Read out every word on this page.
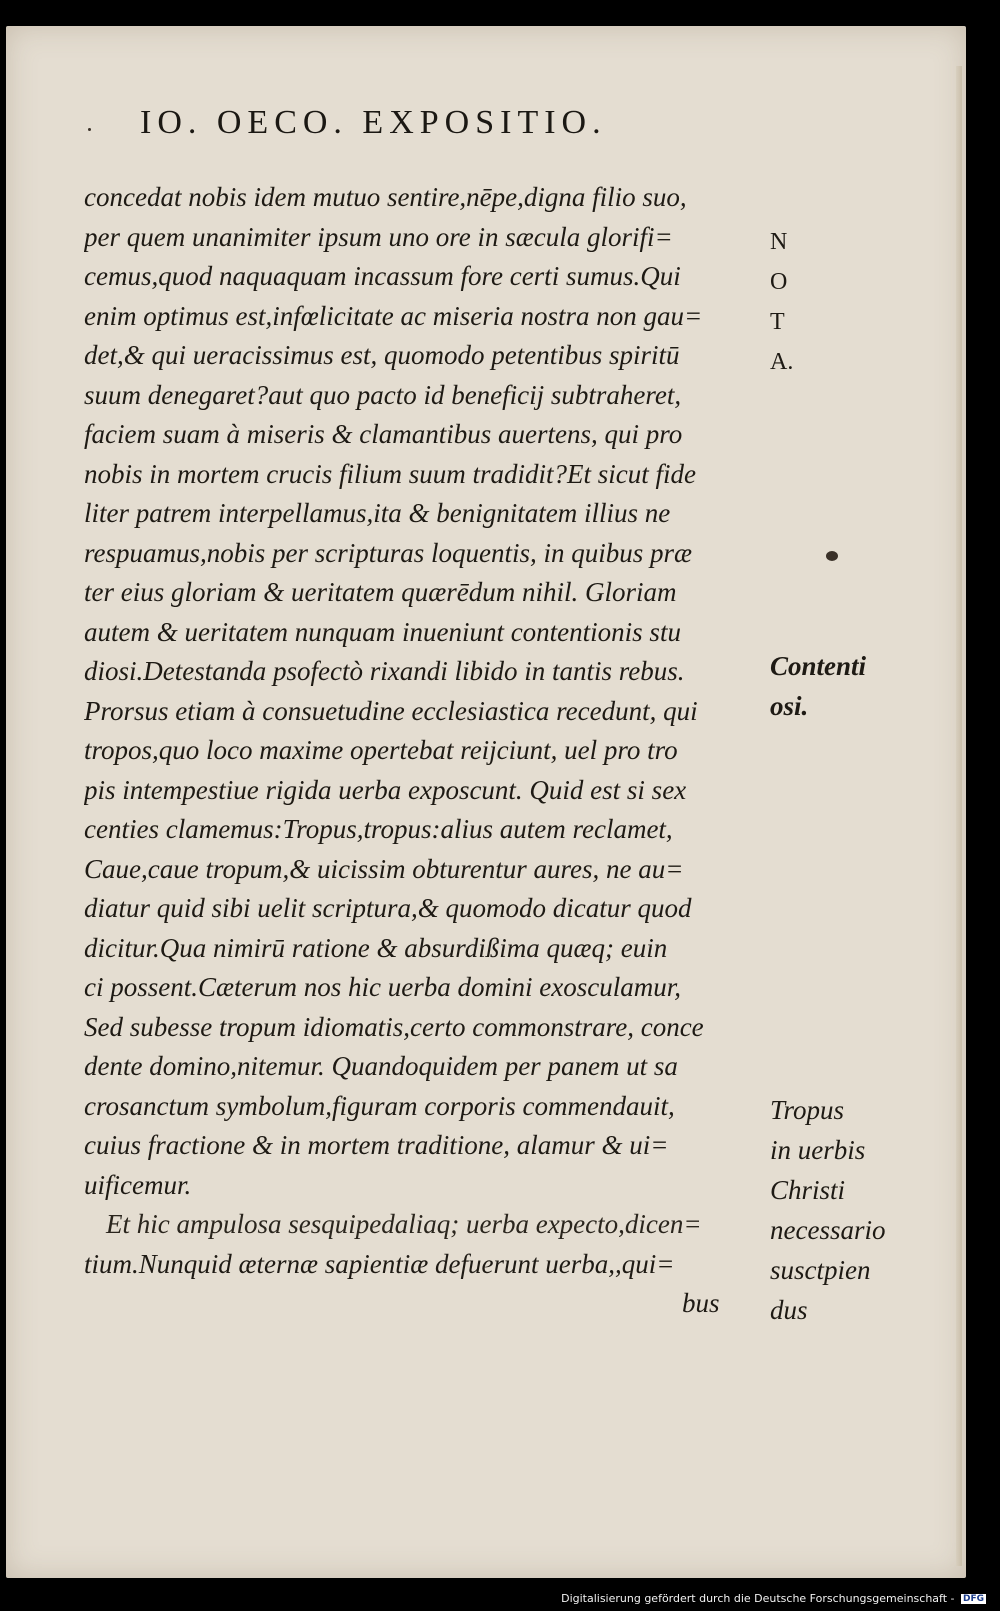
IO. OECO. EXPOSITIO.
concedat nobis idem mutuo sentire,nēpe,digna filio suo,
per quem unanimiter ipsum uno ore in sæcula glorifi=
cemus,quod naquaquam incassum fore certi sumus.Qui
enim optimus est,infœlicitate ac miseria nostra non gau=
det,& qui ueracissimus est, quomodo petentibus spiritū
suum denegaret?aut quo pacto id beneficij subtraheret,
faciem suam à miseris & clamantibus auertens, qui pro
nobis in mortem crucis filium suum tradidit?Et sicut fide
liter patrem interpellamus,ita & benignitatem illius ne
respuamus,nobis per scripturas loquentis, in quibus præ
ter eius gloriam & ueritatem quærēdum nihil. Gloriam
autem & ueritatem nunquam inueniunt contentionis stu
diosi.Detestanda psofectò rixandi libido in tantis rebus.
Prorsus etiam à consuetudine ecclesiastica recedunt, qui
tropos,quo loco maxime opertebat reijciunt, uel pro tro
pis intempestiue rigida uerba exposcunt. Quid est si sex
centies clamemus:Tropus,tropus:alius autem reclamet,
Caue,caue tropum,& uicissim obturentur aures, ne au=
diatur quid sibi uelit scriptura,& quomodo dicatur quod
dicitur.Qua nimirū ratione & absurdißima quæq; euin
ci possent.Cæterum nos hic uerba domini exosculamur,
Sed subesse tropum idiomatis,certo commonstrare, conce
dente domino,nitemur. Quandoquidem per panem ut sa
crosanctum symbolum,figuram corporis commendauit,
cuius fractione & in mortem traditione, alamur & ui=
uificemur.
Et hic ampulosa sesquipedaliaq; uerba expecto,dicen=
tium.Nunquid æternæ sapientiæ defuerunt uerba,,qui=
bus
N
O
T
A.
Contenti
osi.
Tropus
in uerbis
Christi
necessario
susctpien
dus
Digitalisierung gefördert durch die Deutsche Forschungsgemeinschaft - DFG
